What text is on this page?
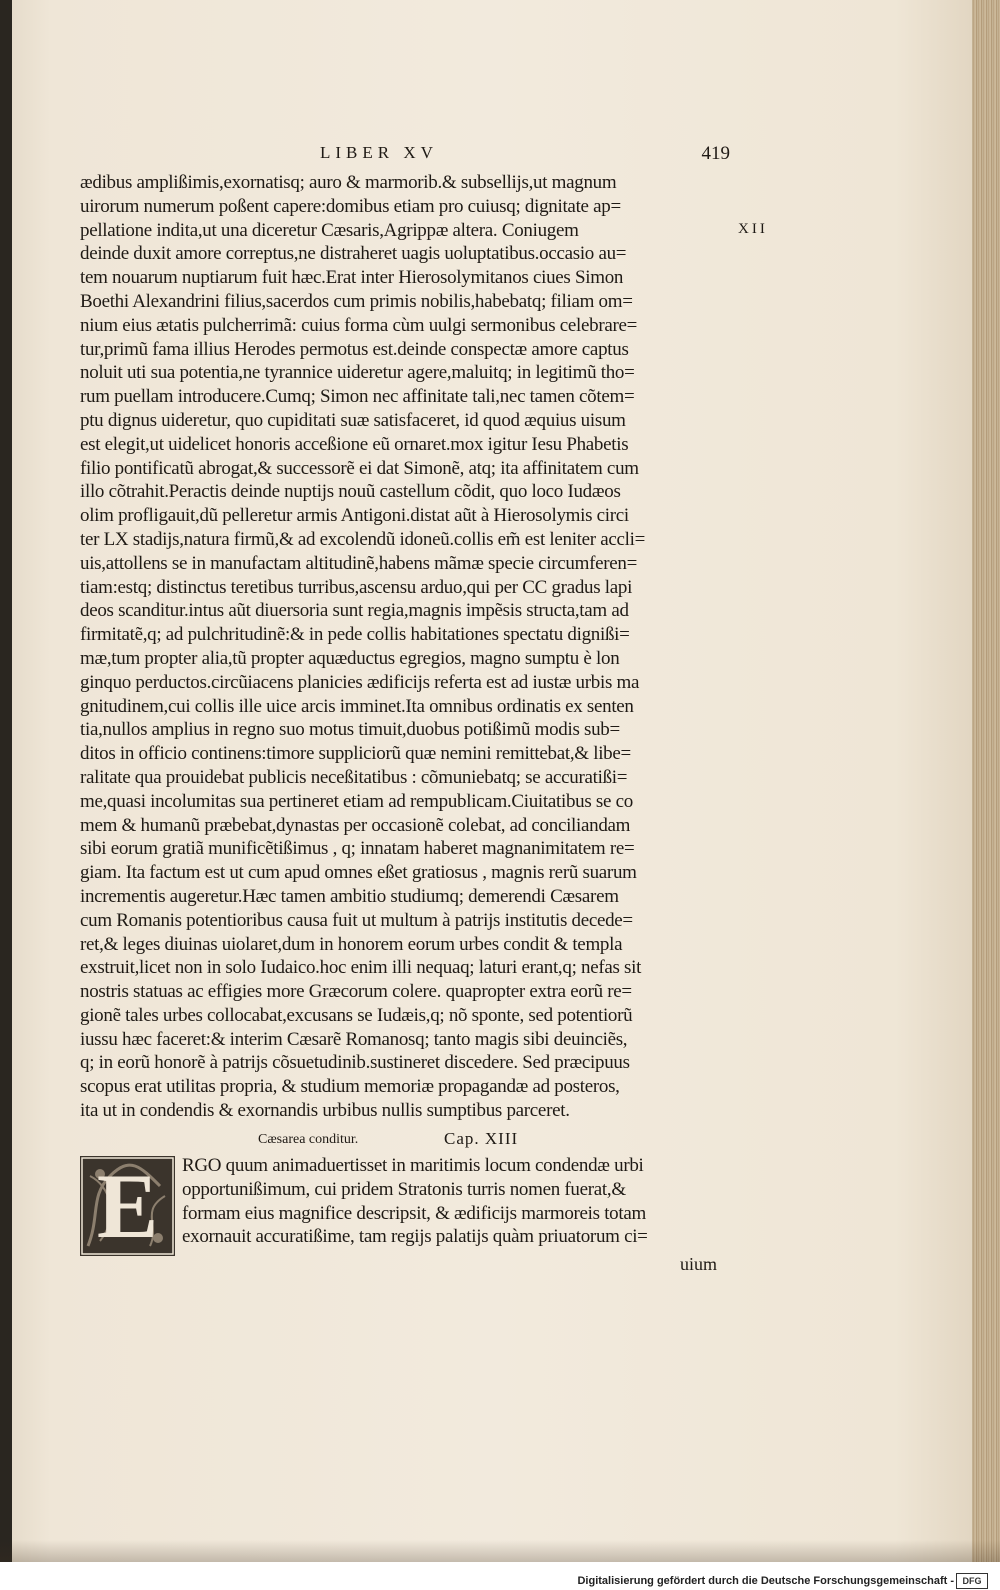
LIBER XV	419
XII
ædibus amplißimis,exornatisq; auro & marmorib.& subsellijs,ut magnum
uirorum numerum poßent capere:domibus etiam pro cuiusq; dignitate ap=
pellatione indita,ut una diceretur Cæsaris,Agrippæ altera. Coniugem
deinde duxit amore correptus,ne distraheret uagis uoluptatibus.occasio au=
tem nouarum nuptiarum fuit hæc.Erat inter Hierosolymitanos ciues Simon
Boethi Alexandrini filius,sacerdos cum primis nobilis,habebatq; filiam om=
nium eius ætatis pulcherrimã: cuius forma cùm uulgi sermonibus celebrare=
tur,primũ fama illius Herodes permotus est.deinde conspectæ amore captus
noluit uti sua potentia,ne tyrannice uideretur agere,maluitq; in legitimũ tho=
rum puellam introducere.Cumq; Simon nec affinitate tali,nec tamen cõtem=
ptu dignus uideretur, quo cupiditati suæ satisfaceret, id quod æquius uisum
est elegit,ut uidelicet honoris acceßione eũ ornaret.mox igitur Iesu Phabetis
filio pontificatũ abrogat,& successorẽ ei dat Simonẽ, atq; ita affinitatem cum
illo cõtrahit.Peractis deinde nuptijs nouũ castellum cõdit, quo loco Iudæos
olim profligauit,dũ pelleretur armis Antigoni.distat aũt à Hierosolymis circi
ter LX stadijs,natura firmũ,& ad excolendũ idoneũ.collis em̃ est leniter accli=
uis,attollens se in manufactam altitudinẽ,habens mãmæ specie circumferen=
tiam:estq; distinctus teretibus turribus,ascensu arduo,qui per CC gradus lapi
deos scanditur.intus aũt diuersoria sunt regia,magnis impẽsis structa,tam ad
firmitatẽ,q; ad pulchritudinẽ:& in pede collis habitationes spectatu dignißi=
mæ,tum propter alia,tũ propter aquæductus egregios, magno sumptu è lon
ginquo perductos.circũiacens planicies ædificijs referta est ad iustæ urbis ma
gnitudinem,cui collis ille uice arcis imminet.Ita omnibus ordinatis ex senten
tia,nullos amplius in regno suo motus timuit,duobus potißimũ modis sub=
ditos in officio continens:timore suppliciorũ quæ nemini remittebat,& libe=
ralitate qua prouidebat publicis neceßitatibus : cõmuniebatq; se accuratißi=
me,quasi incolumitas sua pertineret etiam ad rempublicam.Ciuitatibus se co
mem & humanũ præbebat,dynastas per occasionẽ colebat, ad conciliandam
sibi eorum gratiã munificẽtißimus , q; innatam haberet magnanimitatem re=
giam. Ita factum est ut cum apud omnes eßet gratiosus , magnis rerũ suarum
incrementis augeretur.Hæc tamen ambitio studiumq; demerendi Cæsarem
cum Romanis potentioribus causa fuit ut multum à patrijs institutis decede=
ret,& leges diuinas uiolaret,dum in honorem eorum urbes condit & templa
exstruit,licet non in solo Iudaico.hoc enim illi nequaq; laturi erant,q; nefas sit
nostris statuas ac effigies more Græcorum colere. quapropter extra eorũ re=
gionẽ tales urbes collocabat,excusans se Iudæis,q; nõ sponte, sed potentiorũ
iussu hæc faceret:& interim Cæsarẽ Romanosq; tanto magis sibi deuinciẽs,
q; in eorũ honorẽ à patrijs cõsuetudinib.sustineret discedere. Sed præcipuus
scopus erat utilitas propria, & studium memoriæ propagandæ ad posteros,
ita ut in condendis & exornandis urbibus nullis sumptibus parceret.
Cæsarea conditur.	Cap. XIII
E	RGO quum animaduertisset in maritimis locum condendæ urbi
opportunißimum, cui pridem Stratonis turris nomen fuerat,&
formam eius magnifice descripsit, & ædificijs marmoreis totam
exornauit accuratißime, tam regijs palatijs quàm priuatorum ci=
uium
Digitalisierung gefördert durch die Deutsche Forschungsgemeinschaft - DFG
